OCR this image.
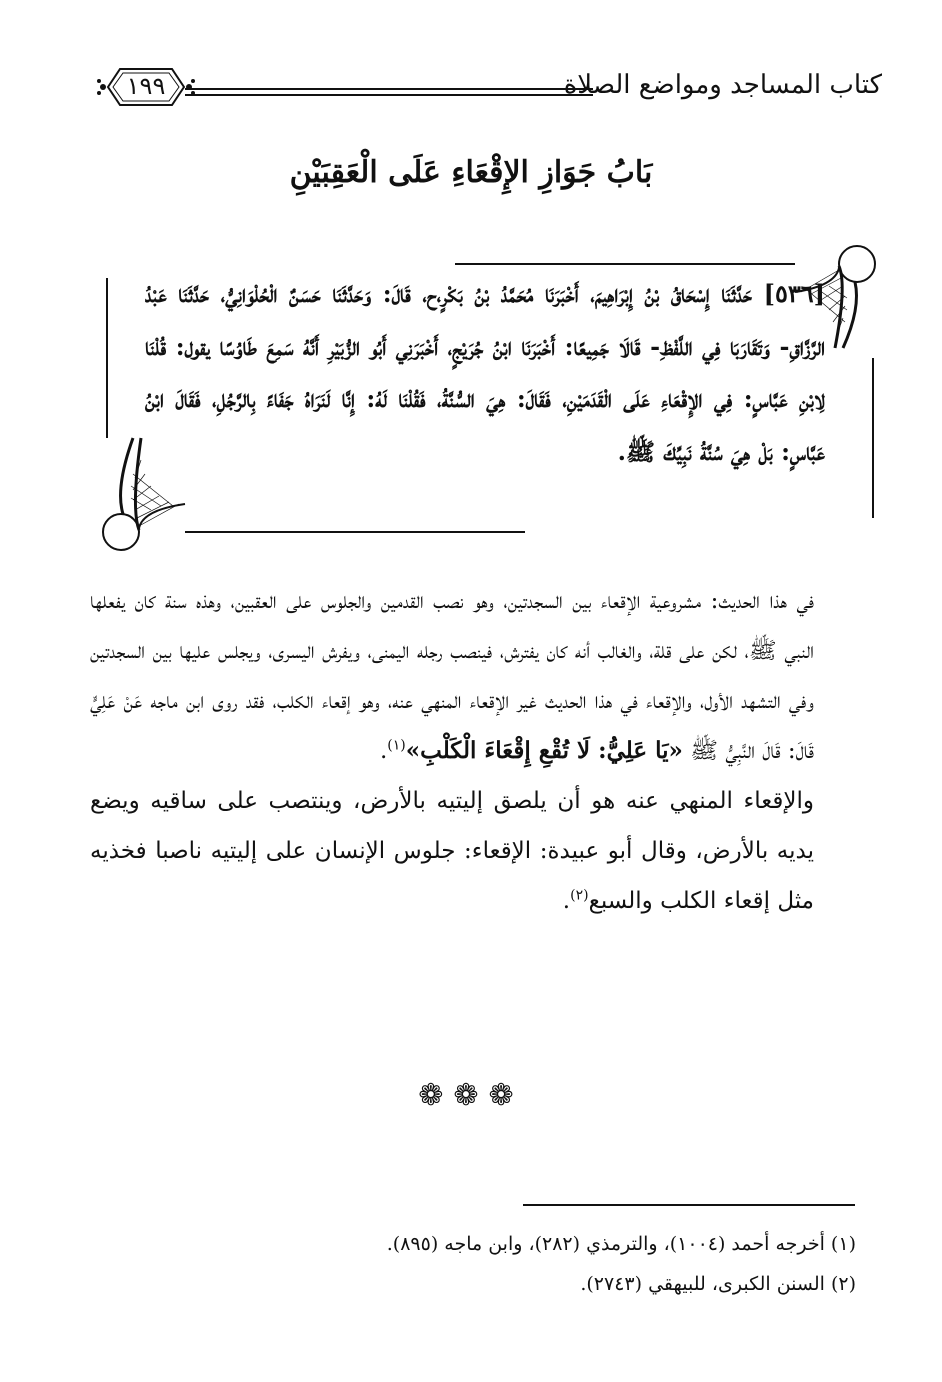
كتاب المساجد ومواضع الصلاة
١٩٩
بَابُ جَوَازِ الإِقْعَاءِ عَلَى الْعَقِبَيْنِ

[٥٣٦] حَدَّثَنَا إِسْحَاقُ بْنُ إِبْرَاهِيمَ، أَخْبَرَنَا مُحَمَّدُ بْنُ بَكْرٍ،ح، قَالَ: وَحَدَّثَنَا حَسَنٌ الْحُلْوَانِيُّ، حَدَّثَنَا عَبْدُ الرَّزَّاقِ- وَتَقَارَبَا فِي اللَّفْظِ- قَالَا جَمِيعًا: أَخْبَرَنَا ابْنُ جُرَيْجٍ، أَخْبَرَنِي أَبُو الزُّبَيْرِ أَنَّهُ سَمِعَ طَاوُسًا يقول: قُلْنَا لِابْنِ عَبَّاسٍ: فِي الإِقْعَاءِ عَلَى الْقَدَمَيْنِ، فَقَالَ: هِيَ السُّنَّةُ، فَقُلْنَا لَهُ: إِنَّا لَنَرَاهُ جَفَاءً بِالرَّجُلِ، فَقَالَ ابْنُ عَبَّاسٍ: بَلْ هِيَ سُنَّةُ نَبِيِّكَ ﷺ.

في هذا الحديث: مشروعية الإقعاء بين السجدتين، وهو نصب القدمين والجلوس على العقبين، وهذه سنة كان يفعلها النبي ﷺ، لكن على قلة، والغالب أنه كان يفترش، فينصب رجله اليمنى، ويفرش اليسرى، ويجلس عليها بين السجدتين وفي التشهد الأول، والإقعاء في هذا الحديث غير الإقعاء المنهي عنه، وهو إقعاء الكلب، فقد روى ابن ماجه عَنْ عَلِيٍّ قَالَ: قَالَ النَّبِيُّ ﷺ «يَا عَلِيُّ: لَا تُقْعِ إِقْعَاءَ الْكَلْبِ»$^{(١)}$.

والإقعاء المنهي عنه هو أن يلصق إليتيه بالأرض، وينتصب على ساقيه ويضع يديه بالأرض، وقال أبو عبيدة: الإقعاء: جلوس الإنسان على إليتيه ناصبا فخذيه مثل إقعاء الكلب والسبع$^{(٢)}$.

❁❁❁
(١) أخرجه أحمد (١٠٠٤)، والترمذي (٢٨٢)، وابن ماجه (٨٩٥).
(٢) السنن الكبرى، للبيهقي (٢٧٤٣).
